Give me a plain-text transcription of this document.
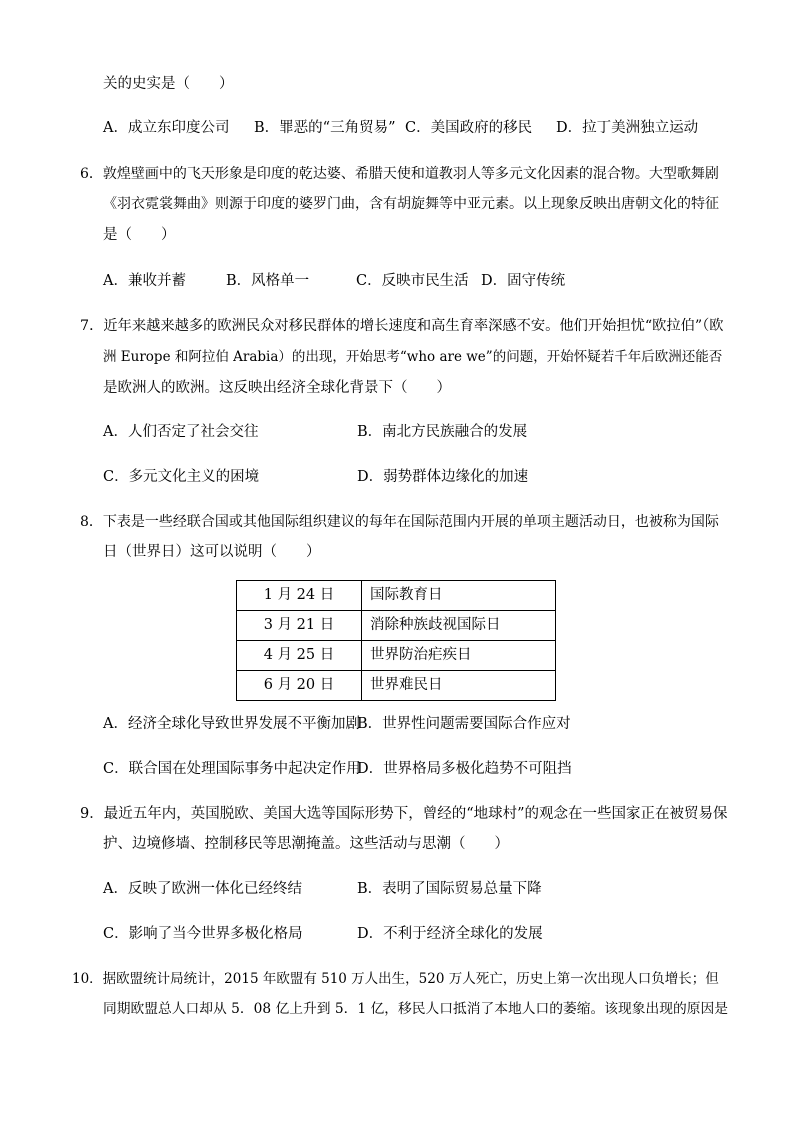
关的史实是（　　）
A．成立东印度公司 B．罪恶的“三角贸易” C．美国政府的移民 D．拉丁美洲独立运动
6．敦煌壁画中的飞天形象是印度的乾达婆、希腊天使和道教羽人等多元文化因素的混合物。大型歌舞剧
《羽衣霓裳舞曲》则源于印度的婆罗门曲，含有胡旋舞等中亚元素。以上现象反映出唐朝文化的特征
是（　　）
A．兼收并蓄	B．风格单一	C．反映市民生活 D．固守传统
7．近年来越来越多的欧洲民众对移民群体的增长速度和高生育率深感不安。他们开始担忧“欧拉伯”（欧
洲 Europe 和阿拉伯 Arabia）的出现，开始思考“who are we”的问题，开始怀疑若千年后欧洲还能否
是欧洲人的欧洲。这反映出经济全球化背景下（　　）
A．人们否定了社会交往	B．南北方民族融合的发展
C．多元文化主义的困境	D．弱势群体边缘化的加速
8．下表是一些经联合国或其他国际组织建议的每年在国际范围内开展的单项主题活动日，也被称为国际
日（世界日）这可以说明（　　）
1 月 24 日	国际教育日
3 月 21 日	消除种族歧视国际日
4 月 25 日	世界防治疟疾日
6 月 20 日	世界难民日
A．经济全球化导致世界发展不平衡加剧
B．世界性问题需要国际合作应对
C．联合国在处理国际事务中起决定作用
D．世界格局多极化趋势不可阻挡
9．最近五年内，英国脱欧、美国大选等国际形势下，曾经的“地球村”的观念在一些国家正在被贸易保
护、边境修墙、控制移民等思潮掩盖。这些活动与思潮（　　）
A．反映了欧洲一体化已经终结	B．表明了国际贸易总量下降
C．影响了当今世界多极化格局	D．不利于经济全球化的发展
10．据欧盟统计局统计，2015 年欧盟有 510 万人出生，520 万人死亡，历史上第一次出现人口负增长；但
同期欧盟总人口却从 5．08 亿上升到 5．1 亿，移民人口抵消了本地人口的萎缩。该现象出现的原因是
